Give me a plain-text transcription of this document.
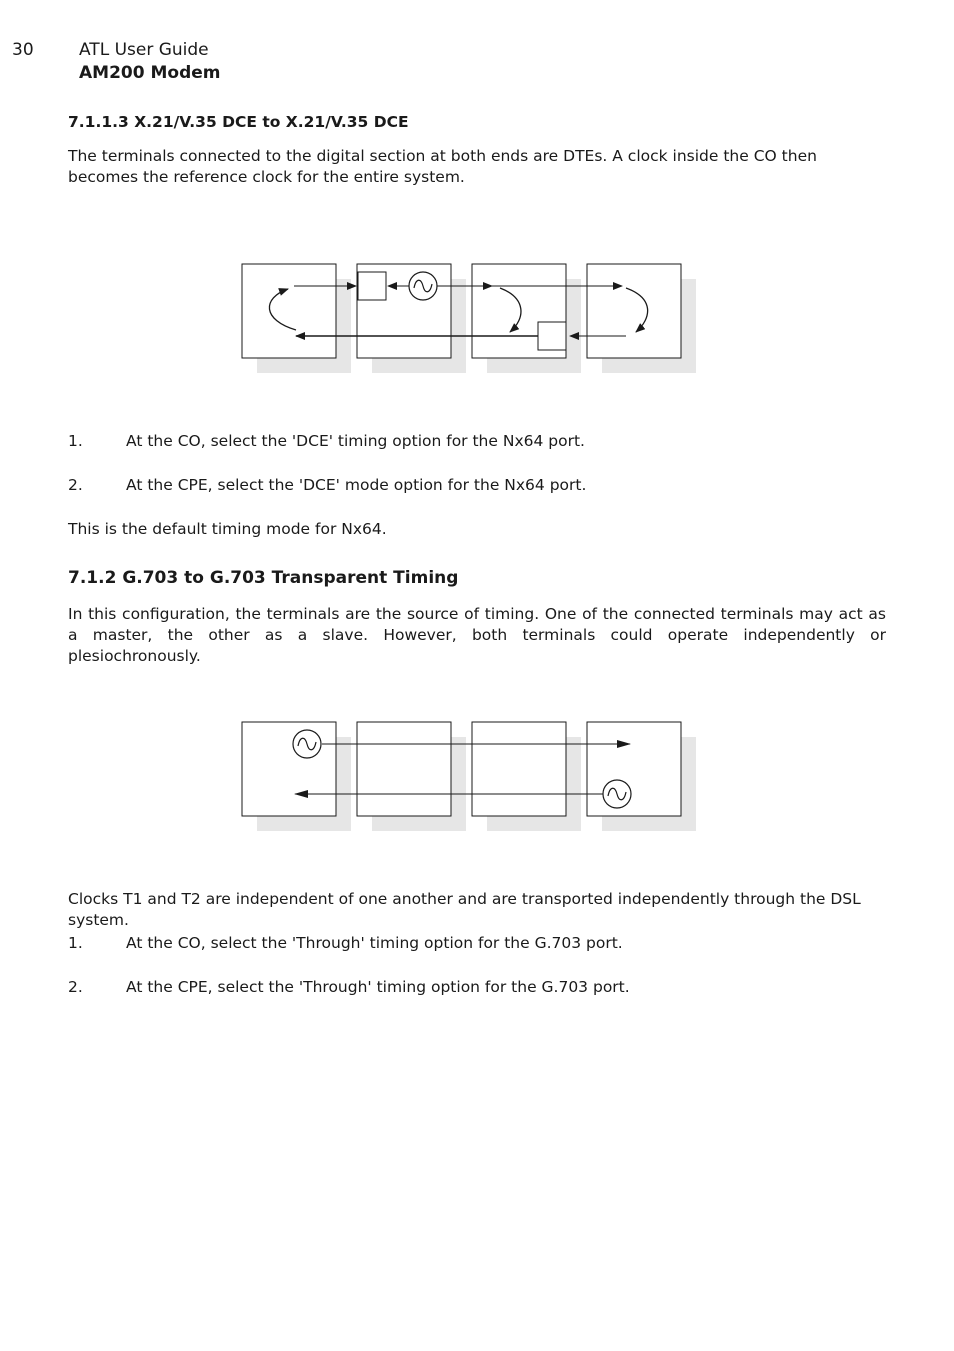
30	ATL User Guide
AM200 Modem
7.1.1.3 X.21/V.35 DCE to X.21/V.35 DCE

The terminals connected to the digital section at both ends are DTEs. A clock inside the CO then becomes the reference clock for the entire system.

1.	At the CO, select the 'DCE' timing option for the Nx64 port.
2.	At the CPE, select the 'DCE' mode option for the Nx64 port.

This is the default timing mode for Nx64.

7.1.2 G.703 to G.703 Transparent Timing

In this configuration, the terminals are the source of timing. One of the connected terminals may act as a master, the other as a slave. However, both terminals could operate independently or plesiochronously.

Clocks T1 and T2 are independent of one another and are transported independently through the DSL system.

1.	At the CO, select the 'Through' timing option for the G.703 port.
2.	At the CPE, select the 'Through' timing option for the G.703 port.
